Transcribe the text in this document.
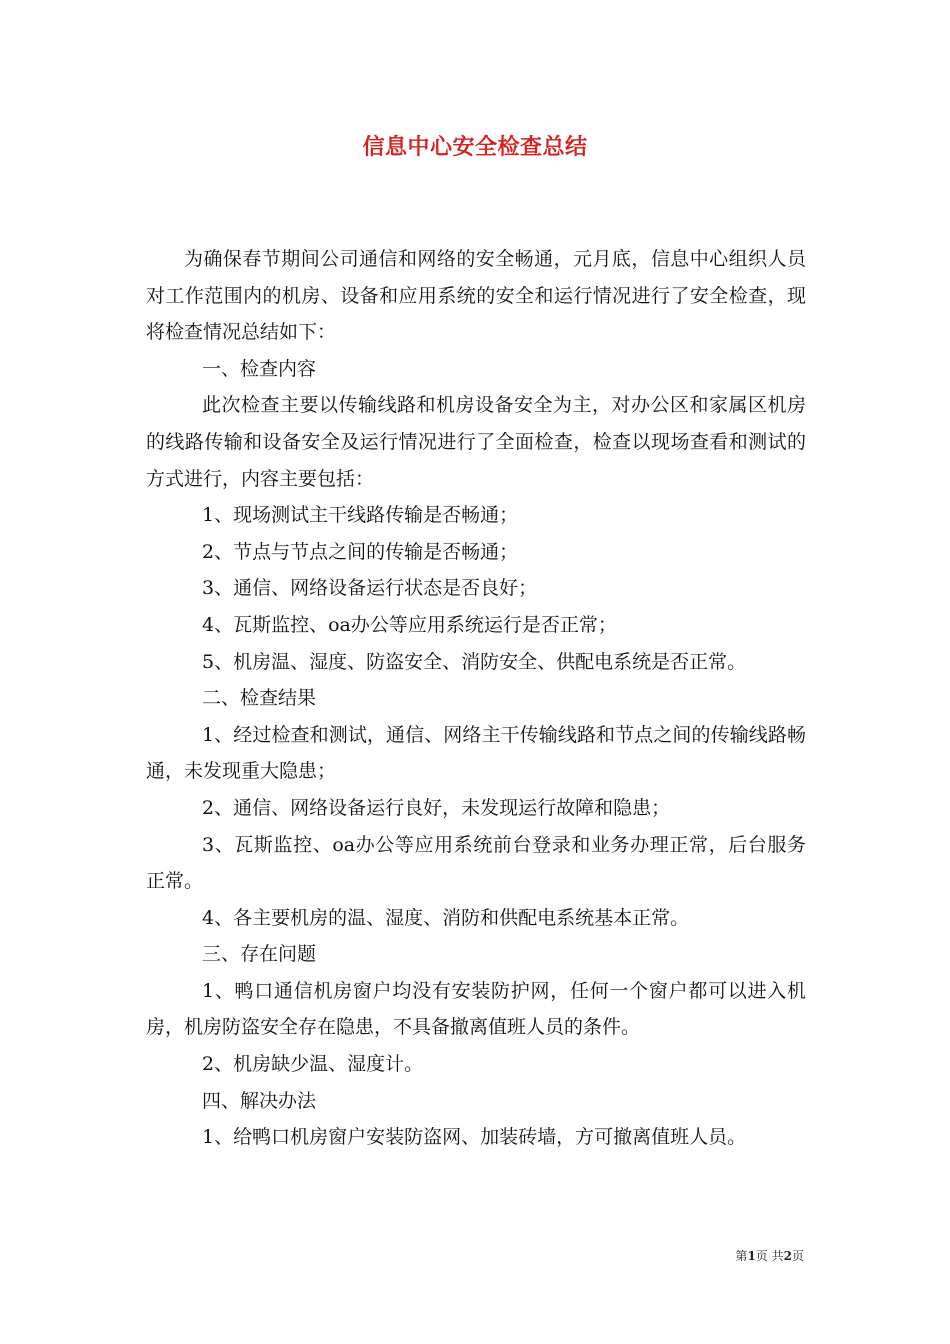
信息中心安全检查总结

为确保春节期间公司通信和网络的安全畅通，元月底，信息中心组织人员对工作范围内的机房、设备和应用系统的安全和运行情况进行了安全检查，现将检查情况总结如下：

一、检查内容

此次检查主要以传输线路和机房设备安全为主，对办公区和家属区机房的线路传输和设备安全及运行情况进行了全面检查，检查以现场查看和测试的方式进行，内容主要包括：

1、现场测试主干线路传输是否畅通；

2、节点与节点之间的传输是否畅通；

3、通信、网络设备运行状态是否良好；

4、瓦斯监控、oa办公等应用系统运行是否正常；

5、机房温、湿度、防盗安全、消防安全、供配电系统是否正常。

二、检查结果

1、经过检查和测试，通信、网络主干传输线路和节点之间的传输线路畅通，未发现重大隐患；

2、通信、网络设备运行良好，未发现运行故障和隐患；

3、瓦斯监控、oa办公等应用系统前台登录和业务办理正常，后台服务正常。

4、各主要机房的温、湿度、消防和供配电系统基本正常。

三、存在问题

1、鸭口通信机房窗户均没有安装防护网，任何一个窗户都可以进入机房，机房防盗安全存在隐患，不具备撤离值班人员的条件。

2、机房缺少温、湿度计。

四、解决办法

1、给鸭口机房窗户安装防盗网、加装砖墙，方可撤离值班人员。

第1页 共2页
